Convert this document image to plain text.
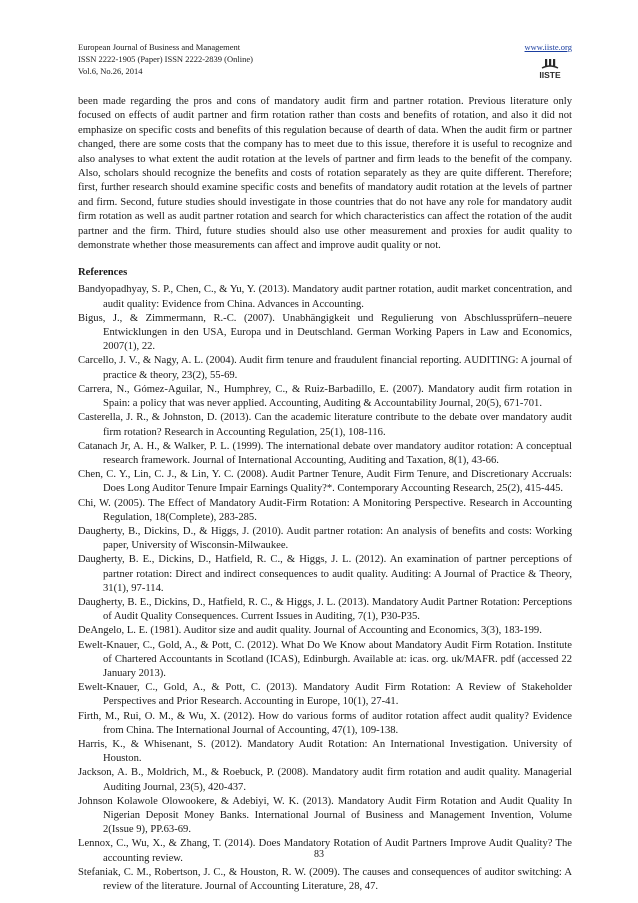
European Journal of Business and Management
ISSN 2222-1905 (Paper) ISSN 2222-2839 (Online)
Vol.6, No.26, 2014
www.iiste.org
IISTE

been made regarding the pros and cons of mandatory audit firm and partner rotation. Previous literature only focused on effects of audit partner and firm rotation rather than costs and benefits of rotation, and also it did not emphasize on specific costs and benefits of this regulation because of dearth of data. When the audit firm or partner changed, there are some costs that the company has to meet due to this issue, therefore it is useful to recognize and also analyses to what extent the audit rotation at the levels of partner and firm leads to the benefit of the company. Also, scholars should recognize the benefits and costs of rotation separately as they are quite different. Therefore; first, further research should examine specific costs and benefits of mandatory audit rotation at the levels of partner and firm. Second, future studies should investigate in those countries that do not have any role for mandatory audit firm rotation as well as audit partner rotation and search for which characteristics can affect the rotation of the audit partner and the firm. Third, future studies should also use other measurement and proxies for audit quality to demonstrate whether those measurements can affect and improve audit quality or not.

References

Bandyopadhyay, S. P., Chen, C., & Yu, Y. (2013). Mandatory audit partner rotation, audit market concentration, and audit quality: Evidence from China. Advances in Accounting.

Bigus, J., & Zimmermann, R.-C. (2007). Unabhängigkeit und Regulierung von Abschlussprüfern–neuere Entwicklungen in den USA, Europa und in Deutschland. German Working Papers in Law and Economics, 2007(1), 22.

Carcello, J. V., & Nagy, A. L. (2004). Audit firm tenure and fraudulent financial reporting. AUDITING: A journal of practice & theory, 23(2), 55-69.

Carrera, N., Gómez-Aguilar, N., Humphrey, C., & Ruiz-Barbadillo, E. (2007). Mandatory audit firm rotation in Spain: a policy that was never applied. Accounting, Auditing & Accountability Journal, 20(5), 671-701.

Casterella, J. R., & Johnston, D. (2013). Can the academic literature contribute to the debate over mandatory audit firm rotation? Research in Accounting Regulation, 25(1), 108-116.

Catanach Jr, A. H., & Walker, P. L. (1999). The international debate over mandatory auditor rotation: A conceptual research framework. Journal of International Accounting, Auditing and Taxation, 8(1), 43-66.

Chen, C. Y., Lin, C. J., & Lin, Y. C. (2008). Audit Partner Tenure, Audit Firm Tenure, and Discretionary Accruals: Does Long Auditor Tenure Impair Earnings Quality?*. Contemporary Accounting Research, 25(2), 415-445.

Chi, W. (2005). The Effect of Mandatory Audit-Firm Rotation: A Monitoring Perspective. Research in Accounting Regulation, 18(Complete), 283-285.

Daugherty, B., Dickins, D., & Higgs, J. (2010). Audit partner rotation: An analysis of benefits and costs: Working paper, University of Wisconsin-Milwaukee.

Daugherty, B. E., Dickins, D., Hatfield, R. C., & Higgs, J. L. (2012). An examination of partner perceptions of partner rotation: Direct and indirect consequences to audit quality. Auditing: A Journal of Practice & Theory, 31(1), 97-114.

Daugherty, B. E., Dickins, D., Hatfield, R. C., & Higgs, J. L. (2013). Mandatory Audit Partner Rotation: Perceptions of Audit Quality Consequences. Current Issues in Auditing, 7(1), P30-P35.

DeAngelo, L. E. (1981). Auditor size and audit quality. Journal of Accounting and Economics, 3(3), 183-199.

Ewelt-Knauer, C., Gold, A., & Pott, C. (2012). What Do We Know about Mandatory Audit Firm Rotation. Institute of Chartered Accountants in Scotland (ICAS), Edinburgh. Available at: icas. org. uk/MAFR. pdf (accessed 22 January 2013).

Ewelt-Knauer, C., Gold, A., & Pott, C. (2013). Mandatory Audit Firm Rotation: A Review of Stakeholder Perspectives and Prior Research. Accounting in Europe, 10(1), 27-41.

Firth, M., Rui, O. M., & Wu, X. (2012). How do various forms of auditor rotation affect audit quality? Evidence from China. The International Journal of Accounting, 47(1), 109-138.

Harris, K., & Whisenant, S. (2012). Mandatory Audit Rotation: An International Investigation. University of Houston.

Jackson, A. B., Moldrich, M., & Roebuck, P. (2008). Mandatory audit firm rotation and audit quality. Managerial Auditing Journal, 23(5), 420-437.

Johnson Kolawole Olowookere, & Adebiyi, W. K. (2013). Mandatory Audit Firm Rotation and Audit Quality In Nigerian Deposit Money Banks. International Journal of Business and Management Invention, Volume 2(Issue 9), PP.63-69.

Lennox, C., Wu, X., & Zhang, T. (2014). Does Mandatory Rotation of Audit Partners Improve Audit Quality? The accounting review.

Stefaniak, C. M., Robertson, J. C., & Houston, R. W. (2009). The causes and consequences of auditor switching: A review of the literature. Journal of Accounting Literature, 28, 47.

83
